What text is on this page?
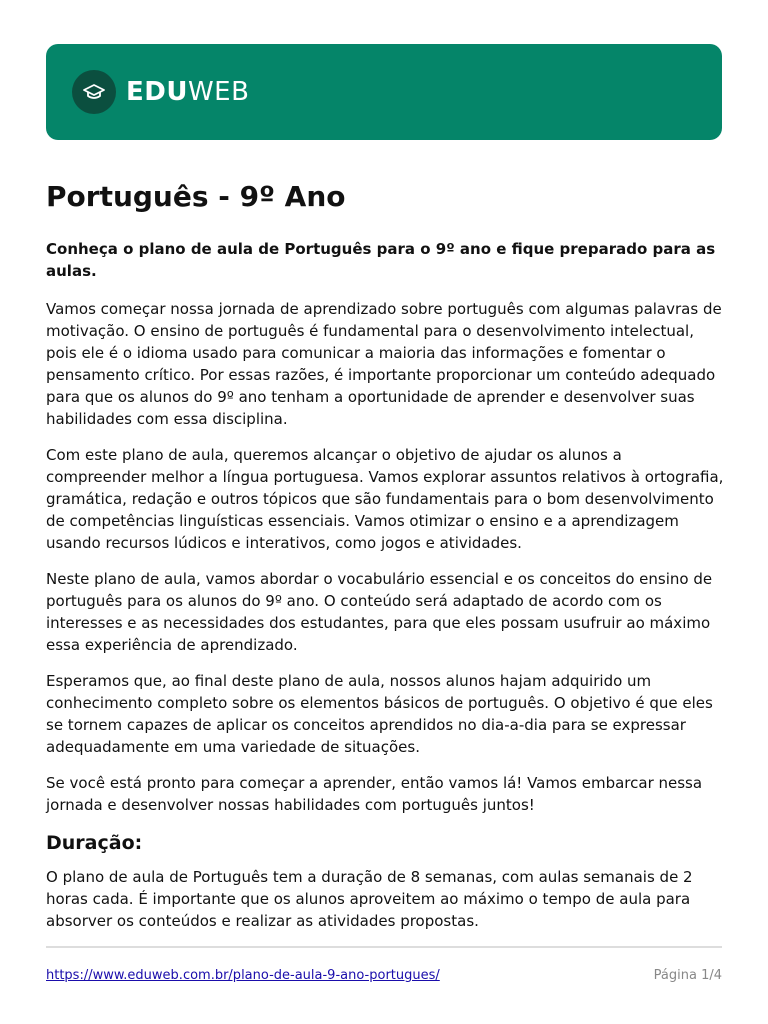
EDUWEB
Português - 9º Ano

Conheça o plano de aula de Português para o 9º ano e fique preparado para as aulas.

Vamos começar nossa jornada de aprendizado sobre português com algumas palavras de motivação. O ensino de português é fundamental para o desenvolvimento intelectual, pois ele é o idioma usado para comunicar a maioria das informações e fomentar o pensamento crítico. Por essas razões, é importante proporcionar um conteúdo adequado para que os alunos do 9º ano tenham a oportunidade de aprender e desenvolver suas habilidades com essa disciplina.

Com este plano de aula, queremos alcançar o objetivo de ajudar os alunos a compreender melhor a língua portuguesa. Vamos explorar assuntos relativos à ortografia, gramática, redação e outros tópicos que são fundamentais para o bom desenvolvimento de competências linguísticas essenciais. Vamos otimizar o ensino e a aprendizagem usando recursos lúdicos e interativos, como jogos e atividades.

Neste plano de aula, vamos abordar o vocabulário essencial e os conceitos do ensino de português para os alunos do 9º ano. O conteúdo será adaptado de acordo com os interesses e as necessidades dos estudantes, para que eles possam usufruir ao máximo essa experiência de aprendizado.

Esperamos que, ao final deste plano de aula, nossos alunos hajam adquirido um conhecimento completo sobre os elementos básicos de português. O objetivo é que eles se tornem capazes de aplicar os conceitos aprendidos no dia-a-dia para se expressar adequadamente em uma variedade de situações.

Se você está pronto para começar a aprender, então vamos lá! Vamos embarcar nessa jornada e desenvolver nossas habilidades com português juntos!

Duração:

O plano de aula de Português tem a duração de 8 semanas, com aulas semanais de 2 horas cada. É importante que os alunos aproveitem ao máximo o tempo de aula para absorver os conteúdos e realizar as atividades propostas.

https://www.eduweb.com.br/plano-de-aula-9-ano-portugues/	Página 1/4
